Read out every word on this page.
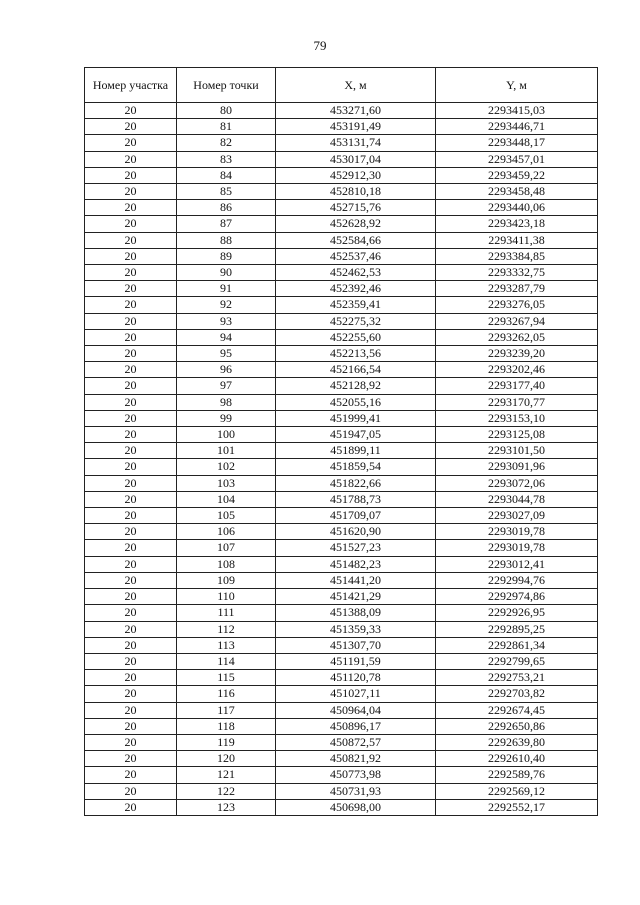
79
Номер участка	Номер точки	X, м	Y, м
20	80	453271,60	2293415,03
20	81	453191,49	2293446,71
20	82	453131,74	2293448,17
20	83	453017,04	2293457,01
20	84	452912,30	2293459,22
20	85	452810,18	2293458,48
20	86	452715,76	2293440,06
20	87	452628,92	2293423,18
20	88	452584,66	2293411,38
20	89	452537,46	2293384,85
20	90	452462,53	2293332,75
20	91	452392,46	2293287,79
20	92	452359,41	2293276,05
20	93	452275,32	2293267,94
20	94	452255,60	2293262,05
20	95	452213,56	2293239,20
20	96	452166,54	2293202,46
20	97	452128,92	2293177,40
20	98	452055,16	2293170,77
20	99	451999,41	2293153,10
20	100	451947,05	2293125,08
20	101	451899,11	2293101,50
20	102	451859,54	2293091,96
20	103	451822,66	2293072,06
20	104	451788,73	2293044,78
20	105	451709,07	2293027,09
20	106	451620,90	2293019,78
20	107	451527,23	2293019,78
20	108	451482,23	2293012,41
20	109	451441,20	2292994,76
20	110	451421,29	2292974,86
20	111	451388,09	2292926,95
20	112	451359,33	2292895,25
20	113	451307,70	2292861,34
20	114	451191,59	2292799,65
20	115	451120,78	2292753,21
20	116	451027,11	2292703,82
20	117	450964,04	2292674,45
20	118	450896,17	2292650,86
20	119	450872,57	2292639,80
20	120	450821,92	2292610,40
20	121	450773,98	2292589,76
20	122	450731,93	2292569,12
20	123	450698,00	2292552,17
